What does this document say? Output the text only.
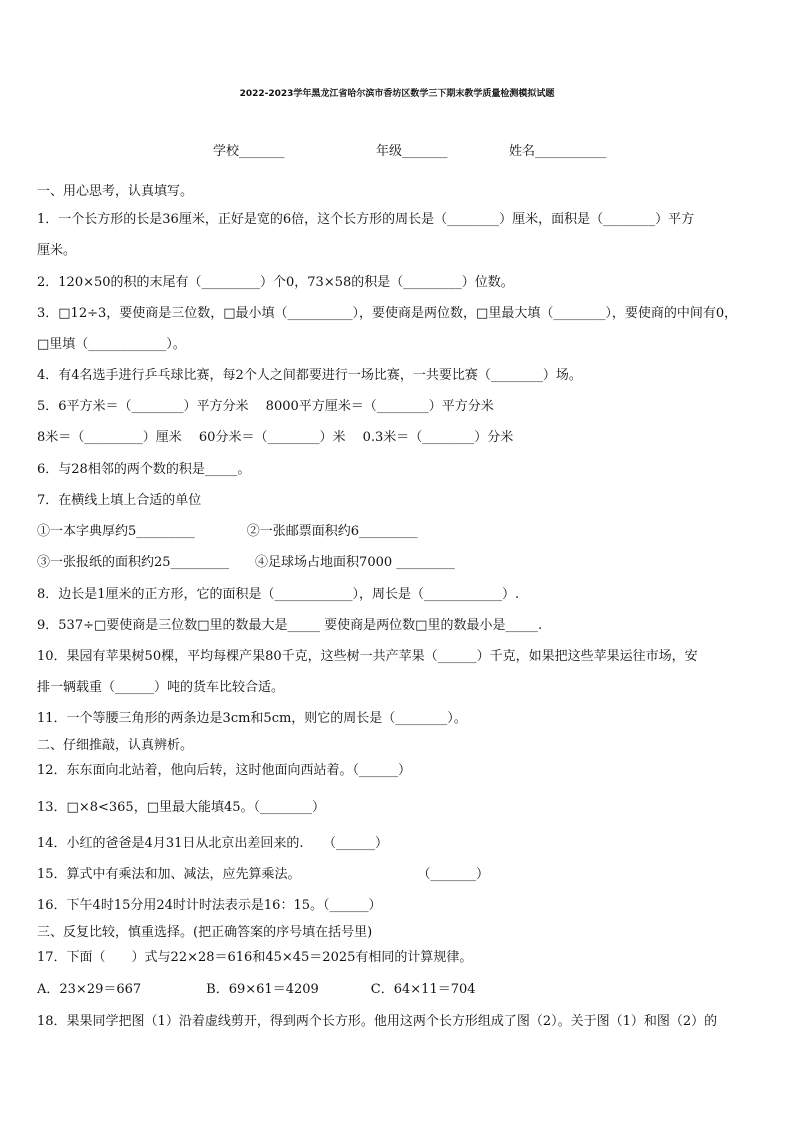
2022-2023学年黑龙江省哈尔滨市香坊区数学三下期末教学质量检测模拟试题
学校_______	年级_______	姓名___________
一、用心思考，认真填写。
1．一个长方形的长是36厘米，正好是宽的6倍，这个长方形的周长是（________）厘米，面积是（________）平方
厘米。
2．120×50的积的末尾有（_________）个0，73×58的积是（_________）位数。
3．□12÷3，要使商是三位数，□最小填（__________），要使商是两位数，□里最大填（________），要使商的中间有0，
□里填（____________）。
4．有4名选手进行乒乓球比赛，每2个人之间都要进行一场比赛，一共要比赛（________）场。
5．6平方米＝（________）平方分米　 8000平方厘米＝（________）平方分米
8米＝（_________）厘米　 60分米＝（________）米　 0.3米＝（________）分米
6．与28相邻的两个数的积是_____。
7．在横线上填上合适的单位
①一本字典厚约5_________　　　　②一张邮票面积约6_________
③一张报纸的面积约25_________　　④足球场占地面积7000 _________
8．边长是1厘米的正方形，它的面积是（____________），周长是（____________）.
9．537÷□要使商是三位数□里的数最大是_____ 要使商是两位数□里的数最小是_____.
10．果园有苹果树50棵，平均每棵产果80千克，这些树一共产苹果（______）千克，如果把这些苹果运往市场，安
排一辆载重（______）吨的货车比较合适。
11．一个等腰三角形的两条边是3cm和5cm，则它的周长是（________）。
二、仔细推敲，认真辨析。
12．东东面向北站着，他向后转，这时他面向西站着。（______）
13．□×8<365，□里最大能填45。（________）
14．小红的爸爸是4月31日从北京出差回来的.　　（______）
15．算式中有乘法和加、减法，应先算乘法。　　　　　　　　　　（_______）
16．下午4时15分用24时计时法表示是16：15。（______）
三、反复比较，慎重选择。(把正确答案的序号填在括号里)
17．下面（　　）式与22×28＝616和45×45＝2025有相同的计算规律。
A．23×29＝667　　　　　B．69×61＝4209　　　　C．64×11＝704
18．果果同学把图（1）沿着虚线剪开，得到两个长方形。他用这两个长方形组成了图（2）。关于图（1）和图（2）的
